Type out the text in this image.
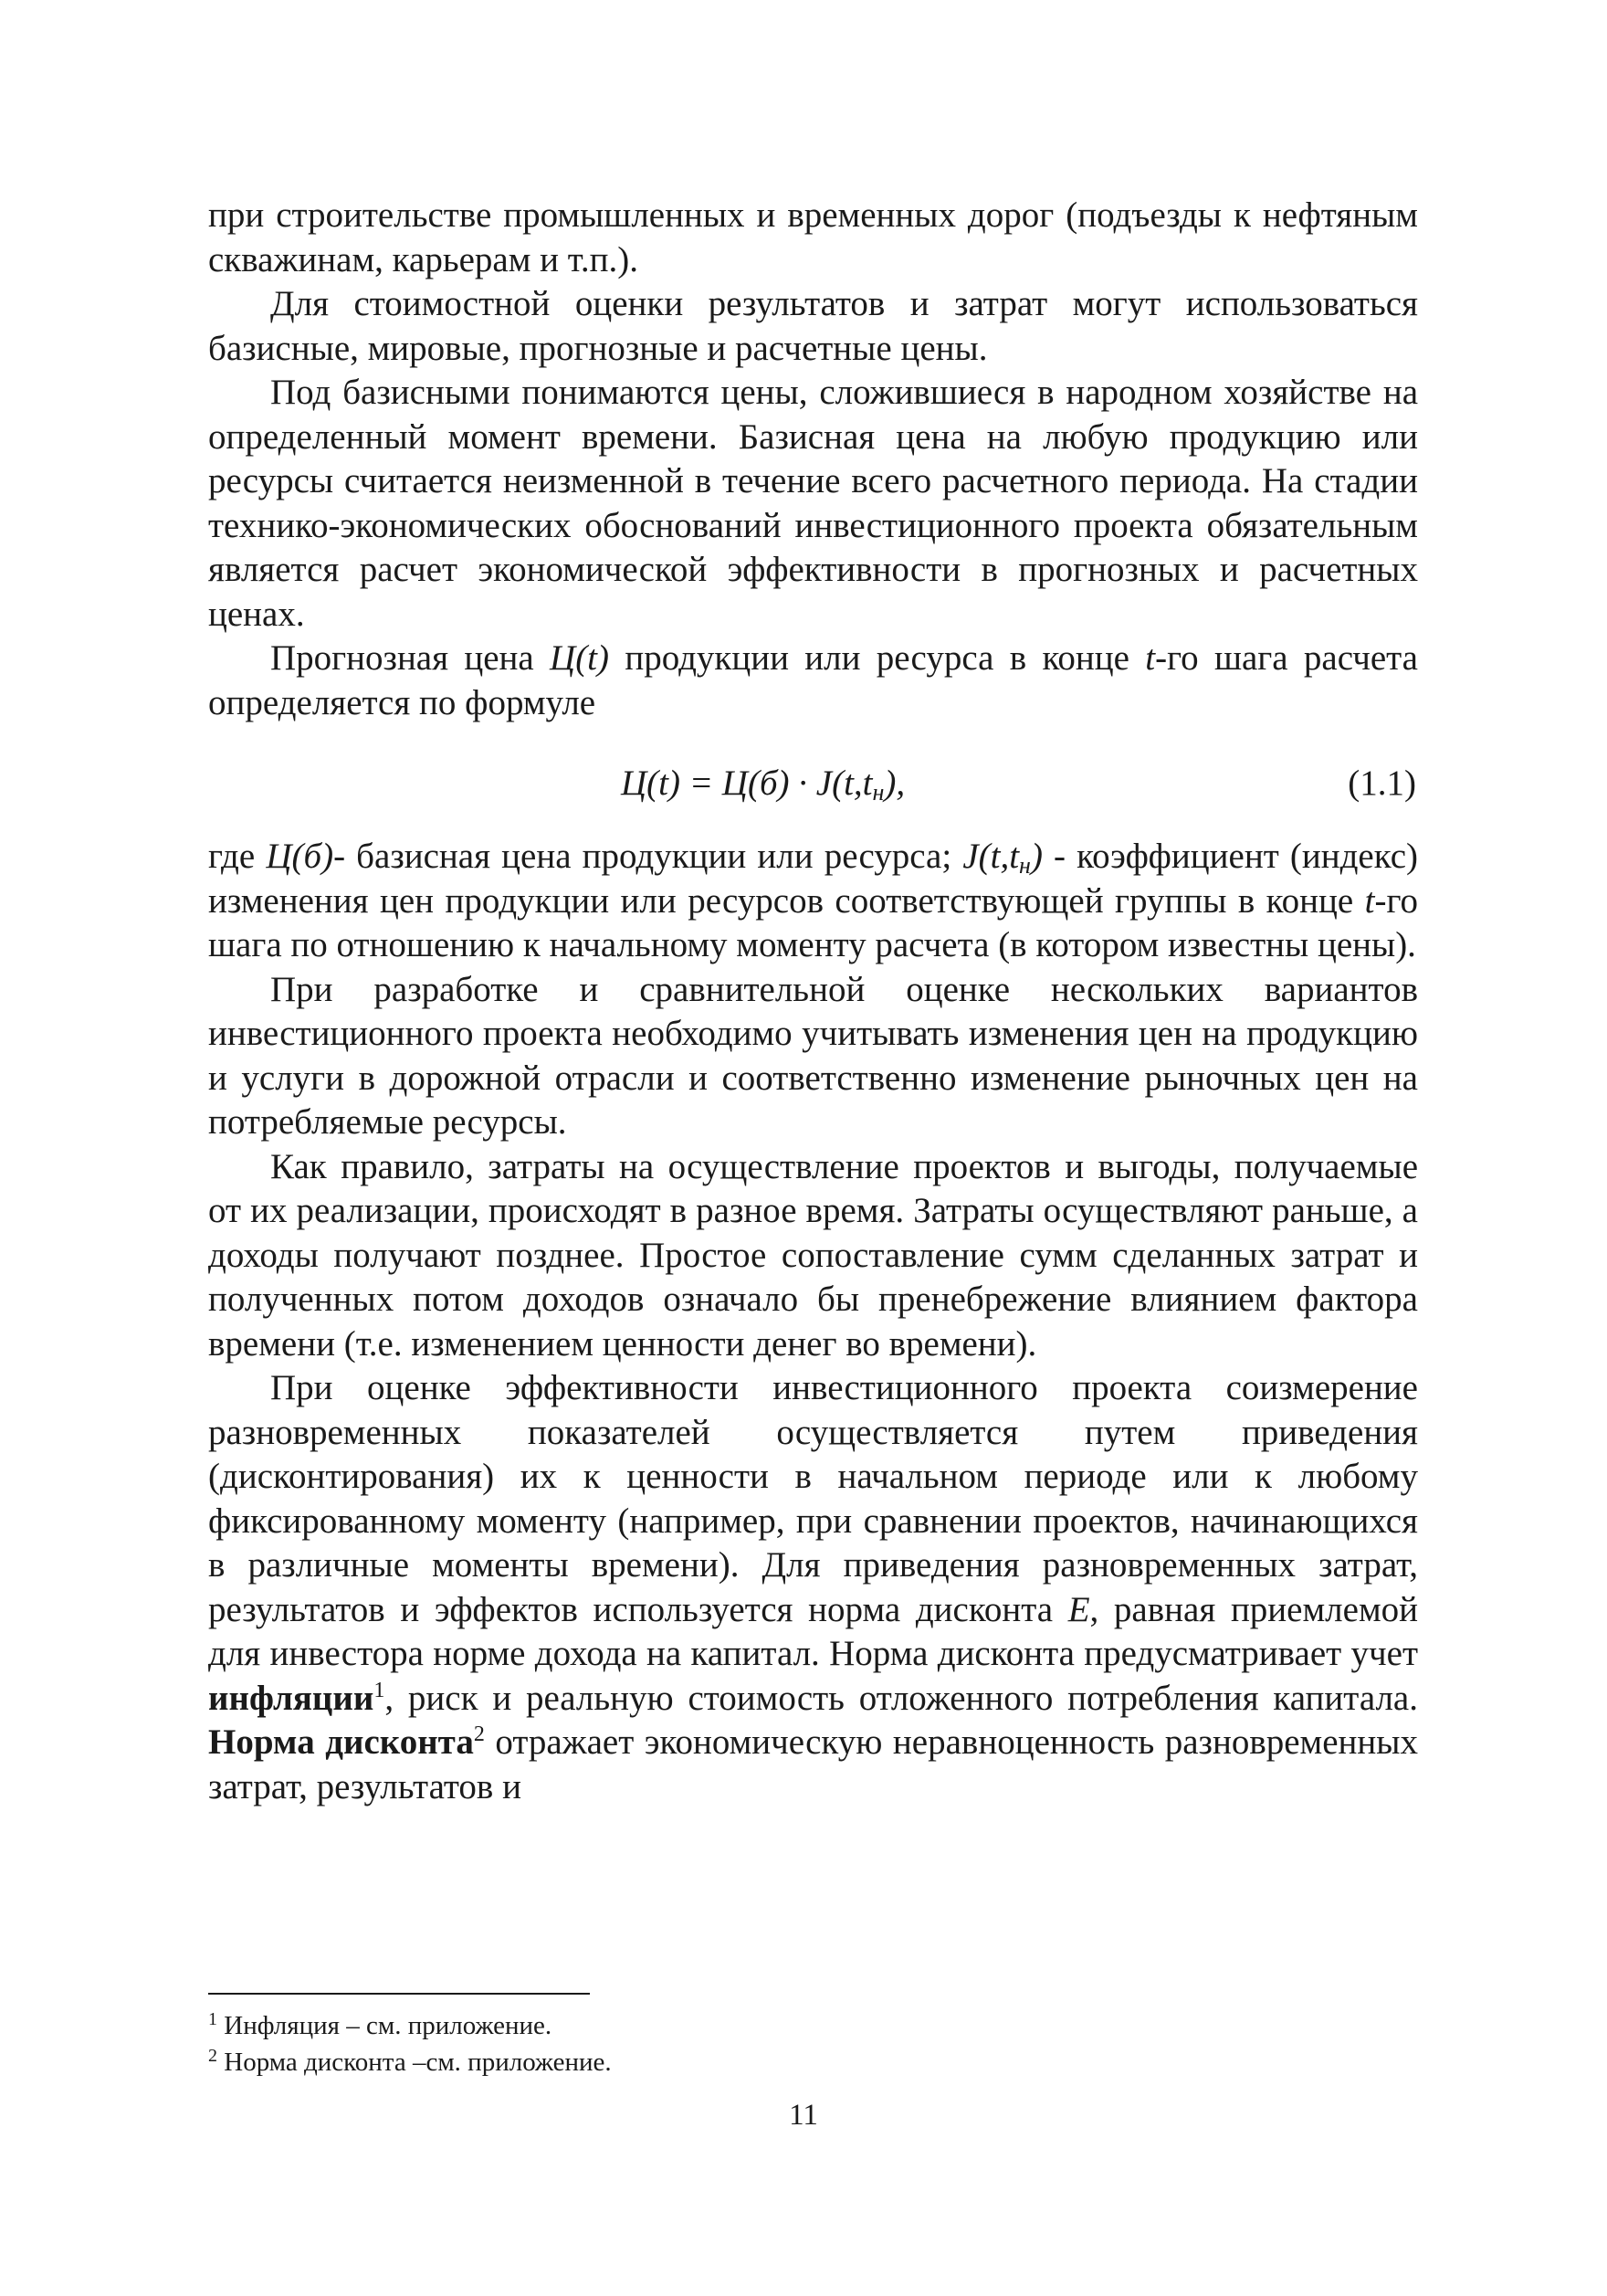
при строительстве промышленных и временных дорог (подъезды к нефтяным скважинам, карьерам и т.п.).

Для стоимостной оценки результатов и затрат могут использоваться базисные, мировые, прогнозные и расчетные цены.

Под базисными понимаются цены, сложившиеся в народном хозяйстве на определенный момент времени. Базисная цена на любую продукцию или ресурсы считается неизменной в течение всего расчетного периода. На стадии технико-экономических обоснований инвестиционного проекта обязательным является расчет экономической эффективности в прогнозных и расчетных ценах.

Прогнозная цена Ц(t) продукции или ресурса в конце t-го шага расчета определяется по формуле

$Ц(t) = Ц(б) \cdot J(t,t_н)$,	(1.1)

где Ц(б)- базисная цена продукции или ресурса; $J(t,t_н)$ - коэффициент (индекс) изменения цен продукции или ресурсов соответствующей группы в конце t-го шага по отношению к начальному моменту расчета (в котором известны цены).

При разработке и сравнительной оценке нескольких вариантов инвестиционного проекта необходимо учитывать изменения цен на продукцию и услуги в дорожной отрасли и соответственно изменение рыночных цен на потребляемые ресурсы.

Как правило, затраты на осуществление проектов и выгоды, получаемые от их реализации, происходят в разное время. Затраты осуществляют раньше, а доходы получают позднее. Простое сопоставление сумм сделанных затрат и полученных потом доходов означало бы пренебрежение влиянием фактора времени (т.е. изменением ценности денег во времени).

При оценке эффективности инвестиционного проекта соизмерение разновременных показателей осуществляется путем приведения (дисконтирования) их к ценности в начальном периоде или к любому фиксированному моменту (например, при сравнении проектов, начинающихся в различные моменты времени). Для приведения разновременных затрат, результатов и эффектов используется норма дисконта E, равная приемлемой для инвестора норме дохода на капитал. Норма дисконта предусматривает учет инфляции$^1$, риск и реальную стоимость отложенного потребления капитала. Норма дисконта$^2$ отражает экономическую неравноценность разновременных затрат, результатов и

$^1$ Инфляция – см. приложение.
$^2$ Норма дисконта –см. приложение.
11
